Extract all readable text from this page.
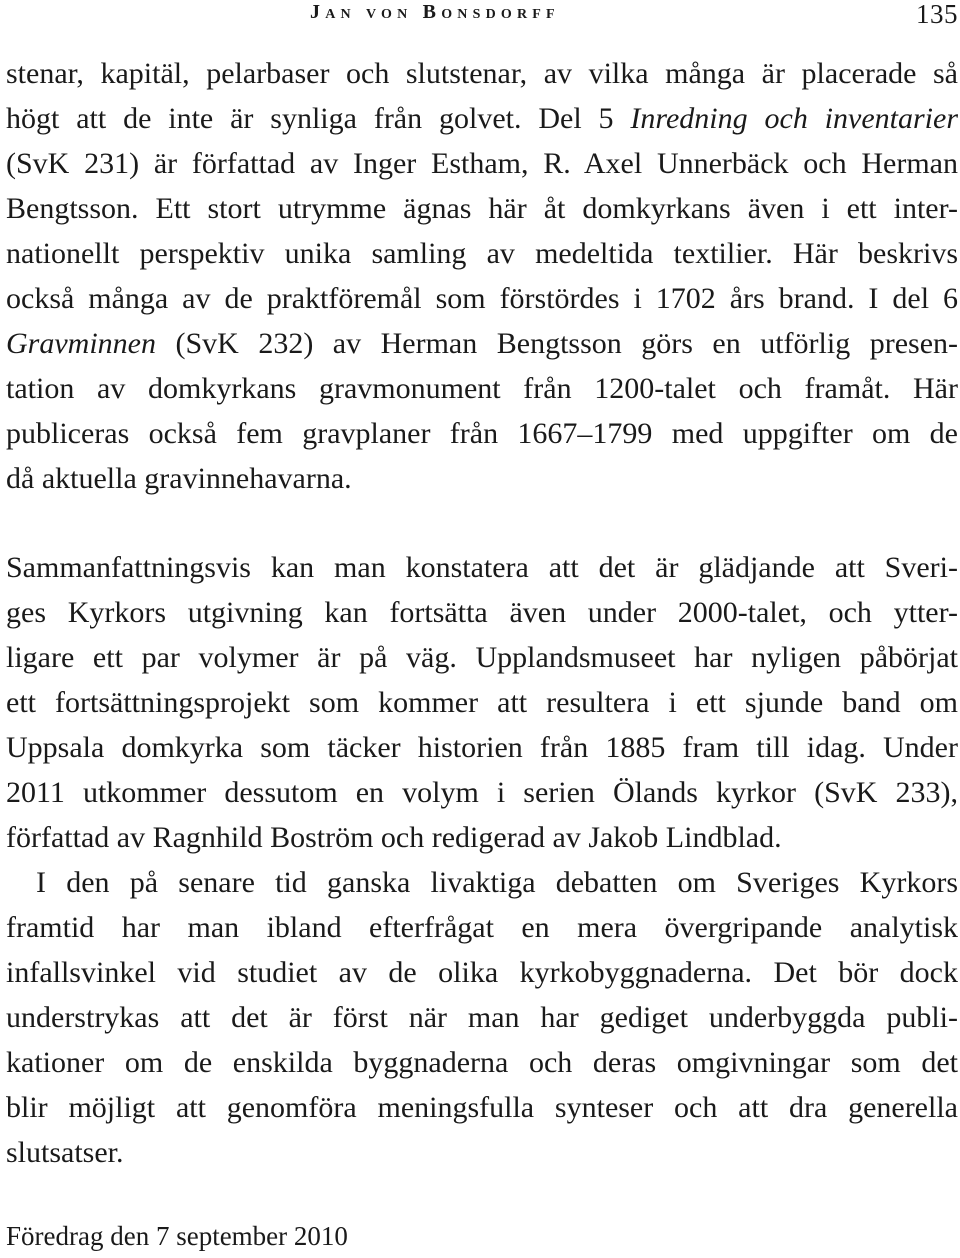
Jan von Bonsdorff	135
stenar, kapitäl, pelarbaser och slutstenar, av vilka många är placerade så
högt att de inte är synliga från golvet. Del 5 Inredning och inventarier
(SvK 231) är författad av Inger Estham, R. Axel Unnerbäck och Herman
Bengtsson. Ett stort utrymme ägnas här åt domkyrkans även i ett inter-
nationellt perspektiv unika samling av medeltida textilier. Här beskrivs
också många av de praktföremål som förstördes i 1702 års brand. I del 6
Gravminnen (SvK 232) av Herman Bengtsson görs en utförlig presen-
tation av domkyrkans gravmonument från 1200-talet och framåt. Här
publiceras också fem gravplaner från 1667–1799 med uppgifter om de
då aktuella gravinnehavarna.
Sammanfattningsvis kan man konstatera att det är glädjande att Sveri-
ges Kyrkors utgivning kan fortsätta även under 2000-talet, och ytter-
ligare ett par volymer är på väg. Upplandsmuseet har nyligen påbörjat
ett fortsättningsprojekt som kommer att resultera i ett sjunde band om
Uppsala domkyrka som täcker historien från 1885 fram till idag. Under
2011 utkommer dessutom en volym i serien Ölands kyrkor (SvK 233),
författad av Ragnhild Boström och redigerad av Jakob Lindblad.
I den på senare tid ganska livaktiga debatten om Sveriges Kyrkors
framtid har man ibland efterfrågat en mera övergripande analytisk
infallsvinkel vid studiet av de olika kyrkobyggnaderna. Det bör dock
understrykas att det är först när man har gediget underbyggda publi-
kationer om de enskilda byggnaderna och deras omgivningar som det
blir möjligt att genomföra meningsfulla synteser och att dra generella
slutsatser.
Föredrag den 7 september 2010
